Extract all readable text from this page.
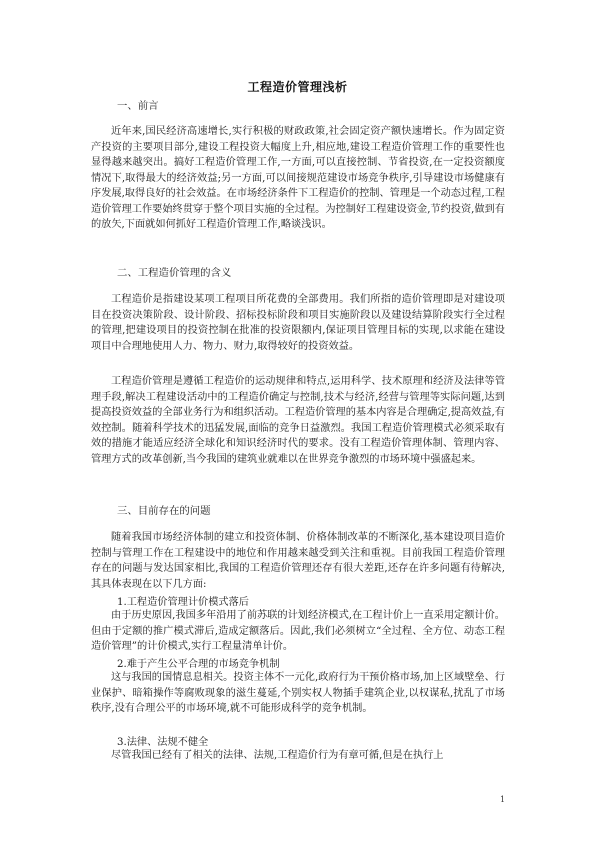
工程造价管理浅析
一、前言

近年来,国民经济高速增长,实行积极的财政政策,社会固定资产额快速增长。作为固定资产投资的主要项目部分,建设工程投资大幅度上升,相应地,建设工程造价管理工作的重要性也显得越来越突出。搞好工程造价管理工作,一方面,可以直接控制、节省投资,在一定投资额度情况下,取得最大的经济效益;另一方面,可以间接规范建设市场竞争秩序,引导建设市场健康有序发展,取得良好的社会效益。在市场经济条件下工程造价的控制、管理是一个动态过程,工程造价管理工作要始终贯穿于整个项目实施的全过程。为控制好工程建设资金,节约投资,做到有的放矢,下面就如何抓好工程造价管理工作,略谈浅识。

二、工程造价管理的含义

工程造价是指建设某项工程项目所花费的全部费用。我们所指的造价管理即是对建设项目在投资决策阶段、设计阶段、招标投标阶段和项目实施阶段以及建设结算阶段实行全过程的管理,把建设项目的投资控制在批准的投资限额内,保证项目管理目标的实现,以求能在建设项目中合理地使用人力、物力、财力,取得较好的投资效益。

工程造价管理是遵循工程造价的运动规律和特点,运用科学、技术原理和经济及法律等管理手段,解决工程建设活动中的工程造价确定与控制,技术与经济,经营与管理等实际问题,达到提高投资效益的全部业务行为和组织活动。工程造价管理的基本内容是合理确定,提高效益,有效控制。随着科学技术的迅猛发展,面临的竞争日益激烈。我国工程造价管理模式必须采取有效的措施才能适应经济全球化和知识经济时代的要求。没有工程造价管理体制、管理内容、管理方式的改革创新,当今我国的建筑业就难以在世界竞争激烈的市场环境中强盛起来。

三、目前存在的问题

随着我国市场经济体制的建立和投资体制、价格体制改革的不断深化,基本建设项目造价控制与管理工作在工程建设中的地位和作用越来越受到关注和重视。目前我国工程造价管理存在的问题与发达国家相比,我国的工程造价管理还存有很大差距,还存在许多问题有待解决,其具体表现在以下几方面:

1.工程造价管理计价模式落后

由于历史原因,我国多年沿用了前苏联的计划经济模式,在工程计价上一直采用定额计价。但由于定额的推广模式滞后,造成定额落后。因此,我们必须树立“全过程、全方位、动态工程造价管理”的计价模式,实行工程量清单计价。

2.难于产生公平合理的市场竞争机制

这与我国的国情息息相关。投资主体不一元化,政府行为干预价格市场,加上区域壁垒、行业保护、暗箱操作等腐败现象的滋生蔓延,个别实权人物插手建筑企业,以权谋私,扰乱了市场秩序,没有合理公平的市场环境,就不可能形成科学的竞争机制。

3.法律、法规不健全

尽管我国已经有了相关的法律、法规,工程造价行为有章可循,但是在执行上

1
